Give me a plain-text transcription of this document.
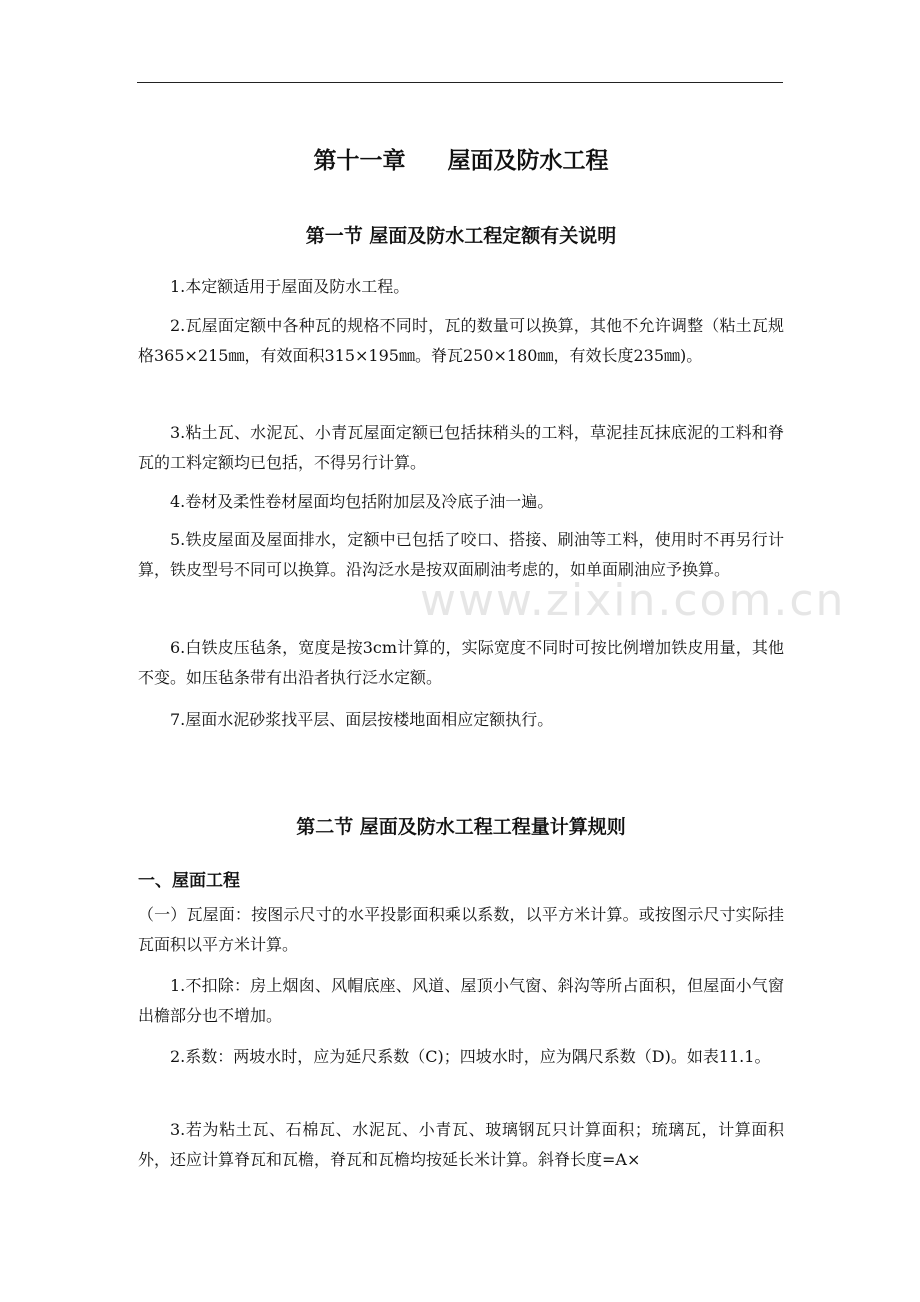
www.zixin.com.cn
第十一章 屋面及防水工程
第一节 屋面及防水工程定额有关说明
1.本定额适用于屋面及防水工程。
2.瓦屋面定额中各种瓦的规格不同时，瓦的数量可以换算，其他不允许调整（粘土瓦规格365×215㎜，有效面积315×195㎜。脊瓦250×180㎜，有效长度235㎜)。
3.粘土瓦、水泥瓦、小青瓦屋面定额已包括抹稍头的工料，草泥挂瓦抹底泥的工料和脊瓦的工料定额均已包括，不得另行计算。
4.卷材及柔性卷材屋面均包括附加层及冷底子油一遍。
5.铁皮屋面及屋面排水，定额中已包括了咬口、搭接、刷油等工料，使用时不再另行计算，铁皮型号不同可以换算。沿沟泛水是按双面刷油考虑的，如单面刷油应予换算。
6.白铁皮压毡条，宽度是按3cm计算的，实际宽度不同时可按比例增加铁皮用量，其他不变。如压毡条带有出沿者执行泛水定额。
7.屋面水泥砂浆找平层、面层按楼地面相应定额执行。
第二节 屋面及防水工程工程量计算规则
一、屋面工程
（一）瓦屋面：按图示尺寸的水平投影面积乘以系数，以平方米计算。或按图示尺寸实际挂瓦面积以平方米计算。
1.不扣除：房上烟囱、风帽底座、风道、屋顶小气窗、斜沟等所占面积，但屋面小气窗出檐部分也不增加。
2.系数：两坡水时，应为延尺系数（C)；四坡水时，应为隅尺系数（D)。如表11.1。
3.若为粘土瓦、石棉瓦、水泥瓦、小青瓦、玻璃钢瓦只计算面积；琉璃瓦，计算面积外，还应计算脊瓦和瓦檐，脊瓦和瓦檐均按延长米计算。斜脊长度=A×
